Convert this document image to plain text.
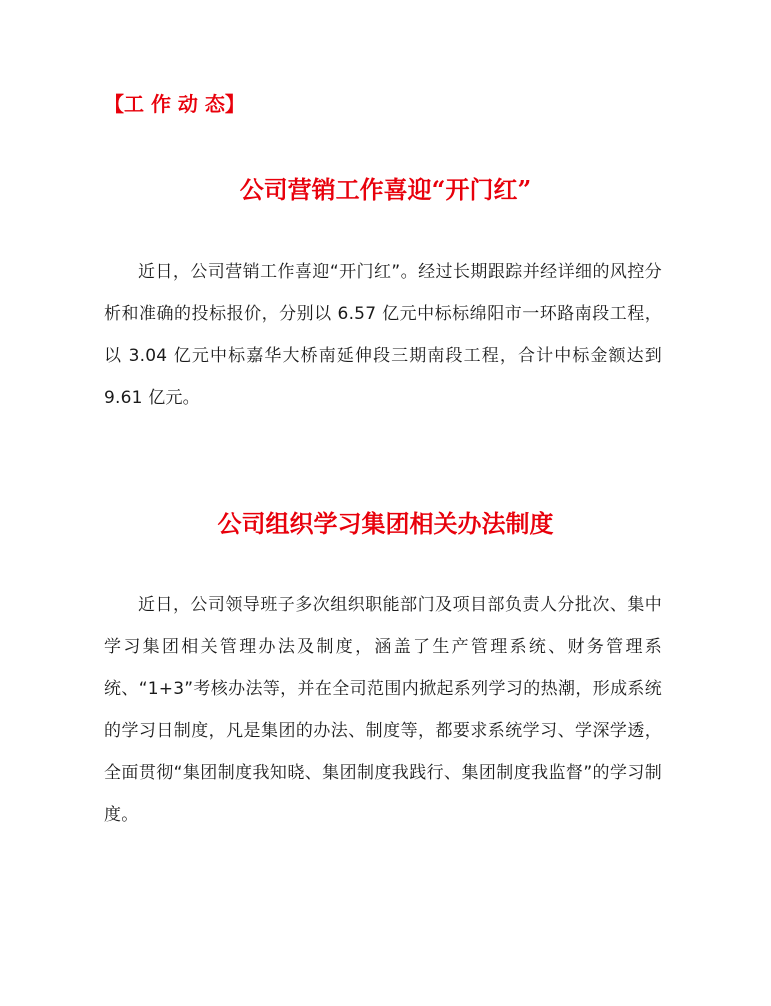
【工 作 动 态】
公司营销工作喜迎“开门红”
近日，公司营销工作喜迎“开门红”。经过长期跟踪并经详细的风控分析和准确的投标报价，分别以 6.57 亿元中标标绵阳市一环路南段工程，以 3.04 亿元中标嘉华大桥南延伸段三期南段工程，合计中标金额达到 9.61 亿元。
公司组织学习集团相关办法制度
近日，公司领导班子多次组织职能部门及项目部负责人分批次、集中学习集团相关管理办法及制度，涵盖了生产管理系统、财务管理系统、“1+3”考核办法等，并在全司范围内掀起系列学习的热潮，形成系统的学习日制度，凡是集团的办法、制度等，都要求系统学习、学深学透，全面贯彻“集团制度我知晓、集团制度我践行、集团制度我监督”的学习制度。
